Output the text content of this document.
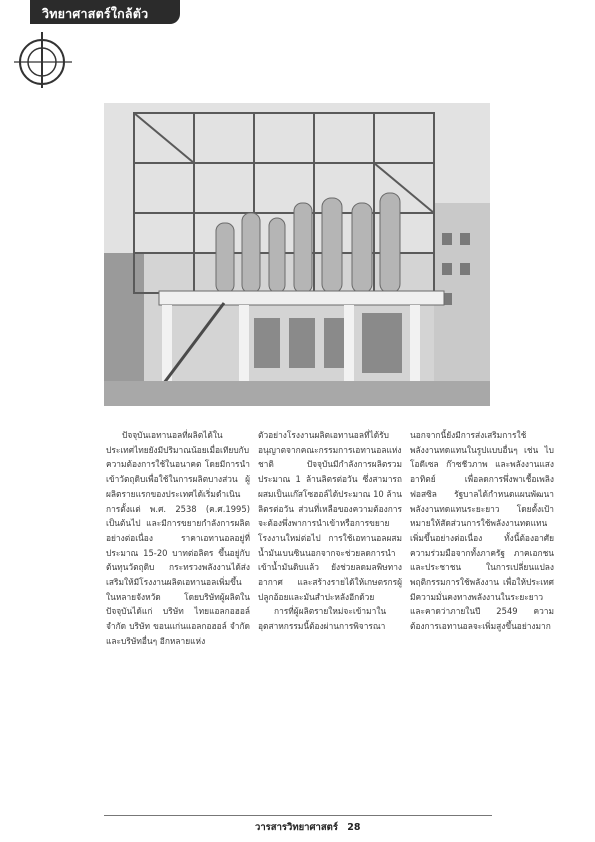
วิทยาศาสตร์ใกล้ตัว

ปัจจุบันเอทานอลที่ผลิตได้ในประเทศไทยยังมีปริมาณน้อยเมื่อเทียบกับความต้องการใช้ในอนาคต โดยมีการนำเข้าวัตถุดิบเพื่อใช้ในการผลิตบางส่วน ผู้ผลิตรายแรกของประเทศได้เริ่มดำเนินการตั้งแต่ พ.ศ. 2538 (ค.ศ.1995) เป็นต้นไป และมีการขยายกำลังการผลิตอย่างต่อเนื่อง ราคาเอทานอลอยู่ที่ประมาณ 15-20 บาทต่อลิตร ขึ้นอยู่กับต้นทุนวัตถุดิบ กระทรวงพลังงานได้ส่งเสริมให้มีโรงงานผลิตเอทานอลเพิ่มขึ้นในหลายจังหวัด โดยบริษัทผู้ผลิตในปัจจุบันได้แก่ บริษัท ไทยแอลกอฮอล์ จำกัด บริษัท ขอนแก่นแอลกอฮอล์ จำกัด และบริษัทอื่นๆ อีกหลายแห่ง

ตัวอย่างโรงงานผลิตเอทานอลที่ได้รับอนุญาตจากคณะกรรมการเอทานอลแห่งชาติ ปัจจุบันมีกำลังการผลิตรวมประมาณ 1 ล้านลิตรต่อวัน ซึ่งสามารถผสมเป็นแก๊สโซฮอล์ได้ประมาณ 10 ล้านลิตรต่อวัน ส่วนที่เหลือของความต้องการจะต้องพึ่งพาการนำเข้าหรือการขยายโรงงานใหม่ต่อไป การใช้เอทานอลผสมน้ำมันเบนซินนอกจากจะช่วยลดการนำเข้าน้ำมันดิบแล้ว ยังช่วยลดมลพิษทางอากาศ และสร้างรายได้ให้เกษตรกรผู้ปลูกอ้อยและมันสำปะหลังอีกด้วย

การที่ผู้ผลิตรายใหม่จะเข้ามาในอุตสาหกรรมนี้ต้องผ่านการพิจารณา

นอกจากนี้ยังมีการส่งเสริมการใช้พลังงานทดแทนในรูปแบบอื่นๆ เช่น ไบโอดีเซล ก๊าซชีวภาพ และพลังงานแสงอาทิตย์ เพื่อลดการพึ่งพาเชื้อเพลิงฟอสซิล รัฐบาลได้กำหนดแผนพัฒนาพลังงานทดแทนระยะยาว โดยตั้งเป้าหมายให้สัดส่วนการใช้พลังงานทดแทนเพิ่มขึ้นอย่างต่อเนื่อง ทั้งนี้ต้องอาศัยความร่วมมือจากทั้งภาครัฐ ภาคเอกชน และประชาชน ในการเปลี่ยนแปลงพฤติกรรมการใช้พลังงาน เพื่อให้ประเทศมีความมั่นคงทางพลังงานในระยะยาว และคาดว่าภายในปี 2549 ความต้องการเอทานอลจะเพิ่มสูงขึ้นอย่างมาก

วารสารวิทยาศาสตร์ 28
